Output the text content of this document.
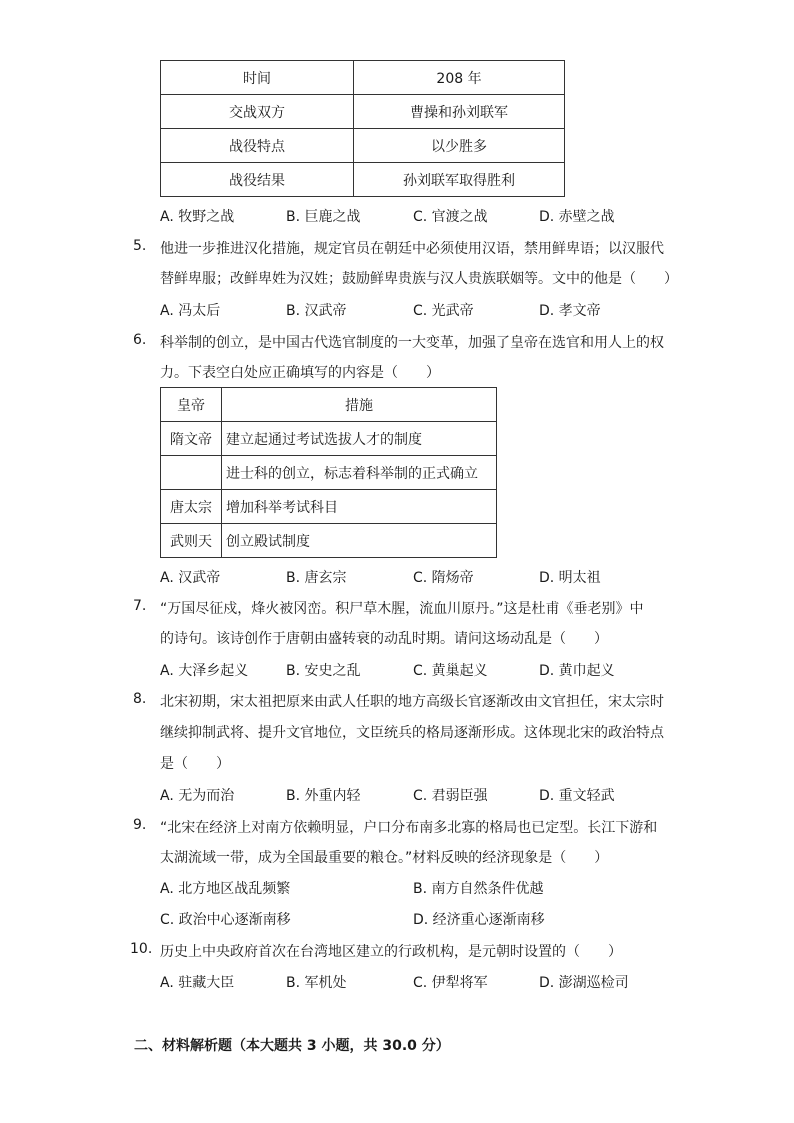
时间	208 年
交战双方	曹操和孙刘联军
战役特点	以少胜多
战役结果	孙刘联军取得胜利
A. 牧野之战	B. 巨鹿之战	C. 官渡之战	D. 赤壁之战
5. 他进一步推进汉化措施，规定官员在朝廷中必须使用汉语，禁用鲜卑语；以汉服代
替鲜卑服；改鲜卑姓为汉姓；鼓励鲜卑贵族与汉人贵族联姻等。文中的他是（　　）
A. 冯太后	B. 汉武帝	C. 光武帝	D. 孝文帝
6. 科举制的创立，是中国古代选官制度的一大变革，加强了皇帝在选官和用人上的权
力。下表空白处应正确填写的内容是（　　）
皇帝	措施
隋文帝	建立起通过考试选拔人才的制度
	进士科的创立，标志着科举制的正式确立
唐太宗	增加科举考试科目
武则天	创立殿试制度
A. 汉武帝	B. 唐玄宗	C. 隋炀帝	D. 明太祖
7. “万国尽征戍，烽火被冈峦。积尸草木腥，流血川原丹。”这是杜甫《垂老别》中
的诗句。该诗创作于唐朝由盛转衰的动乱时期。请问这场动乱是（　　）
A. 大泽乡起义	B. 安史之乱	C. 黄巢起义	D. 黄巾起义
8. 北宋初期，宋太祖把原来由武人任职的地方高级长官逐渐改由文官担任，宋太宗时
继续抑制武将、提升文官地位，文臣统兵的格局逐渐形成。这体现北宋的政治特点
是（　　）
A. 无为而治	B. 外重内轻	C. 君弱臣强	D. 重文轻武
9. “北宋在经济上对南方依赖明显，户口分布南多北寡的格局也已定型。长江下游和
太湖流域一带，成为全国最重要的粮仓。”材料反映的经济现象是（　　）
A. 北方地区战乱频繁	B. 南方自然条件优越
C. 政治中心逐渐南移	D. 经济重心逐渐南移
10. 历史上中央政府首次在台湾地区建立的行政机构，是元朝时设置的（　　）
A. 驻藏大臣	B. 军机处	C. 伊犁将军	D. 澎湖巡检司
二、材料解析题（本大题共 3 小题，共 30.0 分）
